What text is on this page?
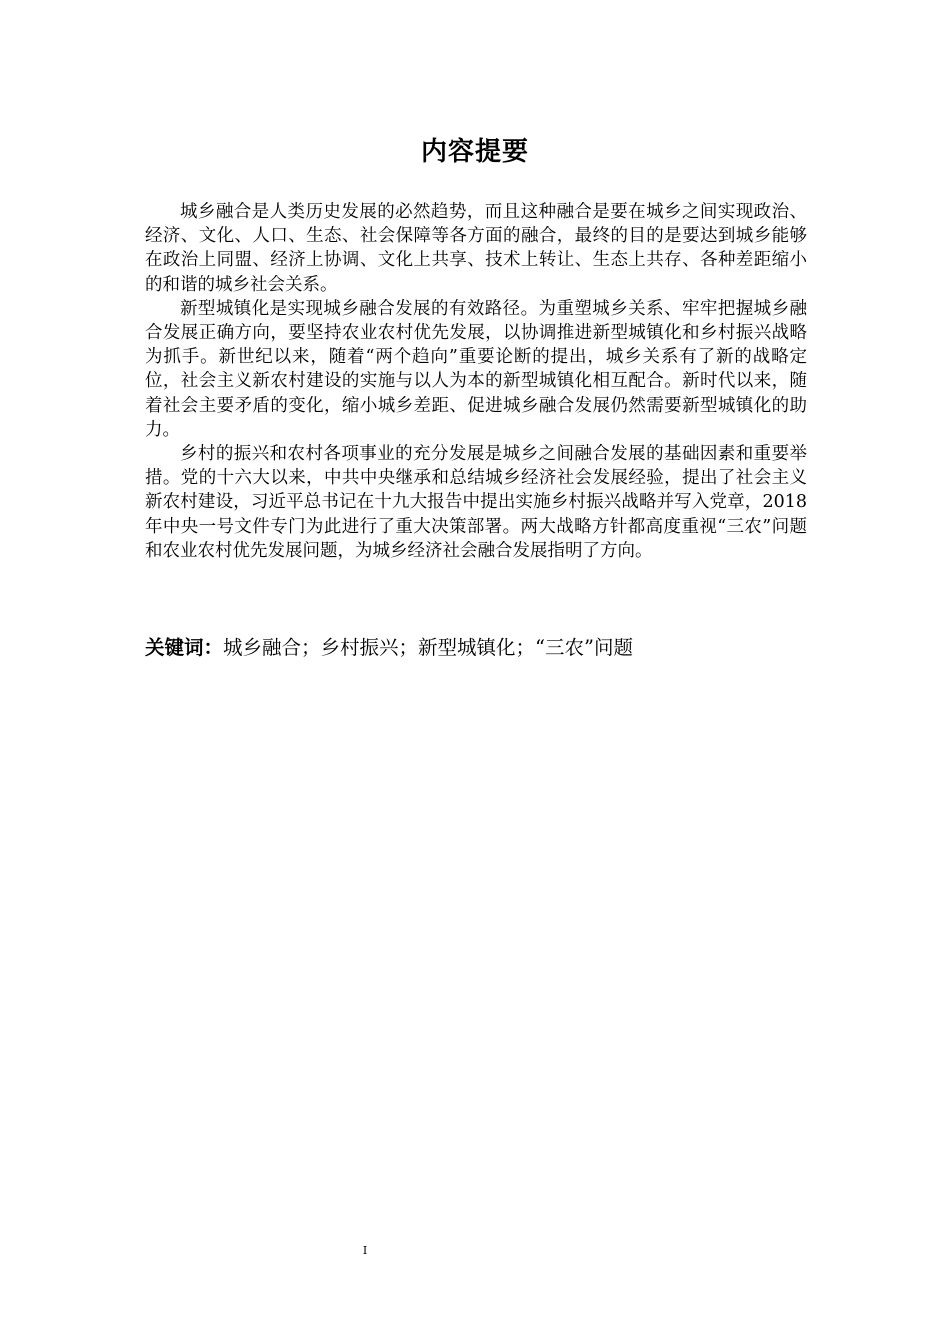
内容提要

城乡融合是人类历史发展的必然趋势，而且这种融合是要在城乡之间实现政治、经济、文化、人口、生态、社会保障等各方面的融合，最终的目的是要达到城乡能够在政治上同盟、经济上协调、文化上共享、技术上转让、生态上共存、各种差距缩小的和谐的城乡社会关系。

新型城镇化是实现城乡融合发展的有效路径。为重塑城乡关系、牢牢把握城乡融合发展正确方向，要坚持农业农村优先发展，以协调推进新型城镇化和乡村振兴战略为抓手。新世纪以来，随着“两个趋向”重要论断的提出，城乡关系有了新的战略定位，社会主义新农村建设的实施与以人为本的新型城镇化相互配合。新时代以来，随着社会主要矛盾的变化，缩小城乡差距、促进城乡融合发展仍然需要新型城镇化的助力。

乡村的振兴和农村各项事业的充分发展是城乡之间融合发展的基础因素和重要举措。党的十六大以来，中共中央继承和总结城乡经济社会发展经验，提出了社会主义新农村建设，习近平总书记在十九大报告中提出实施乡村振兴战略并写入党章，2018年中央一号文件专门为此进行了重大决策部署。两大战略方针都高度重视“三农”问题和农业农村优先发展问题，为城乡经济社会融合发展指明了方向。

关键词：城乡融合；乡村振兴；新型城镇化；“三农”问题
I
